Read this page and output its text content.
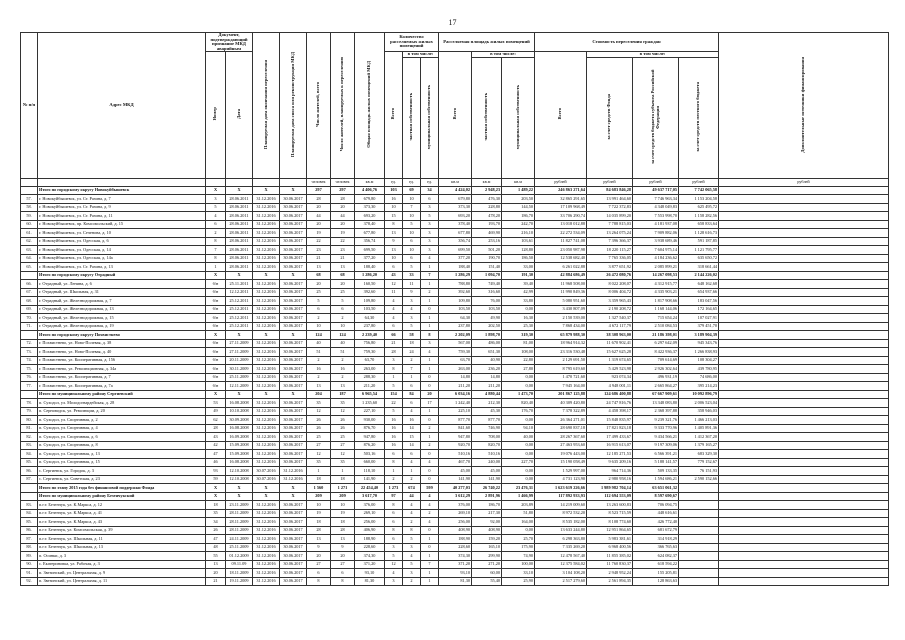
17
№ п/п	Адрес МКД	Документ, подтверждающий признание МКД аварийным		Планируемая дата окончания переселения	Планируемая дата сноса или реконструкции МКД	Число жителей, всего	Число жителей, планируемых к переселению	Общая площадь жилых помещений МКД	Количество расселяемых жилых помещений			Расселяемая площадь жилых помещений			Стоимость переселения граждан				Дополнительные источники финансирования
		Номер	Дата						Всего	в том числе:		Всего	в том числе:		Всего	в том числе:			
										частная собственность	муниципальная собственность		частная собственность	муниципальная собственность		за счет средств Фонда	за счет средств бюджета субъекта Российской Федерации	за счет средств местного бюджета	
						человек	человек	кв.м	ед.	ед.	ед.	кв.м	кв.м	кв.м	рублей	рублей	рублей	рублей	рублей
	Итого по городскому округу Новокуйбышевск	X	X	X	X	297	297	4 406,76	103	69	34	4 424,02	2 948,23	1 489,22	246 863 271,64	84 683 846,28	49 637 717,05	7 742 065,58	
57.	г. Новокуйбышевск, ул. Ст. Разина, д. 7	3	28.06.2011	31.12.2016	30.06.2017	28	28	679,80	16	10	6	679,80	476,30	203,50	32 865 291,65	13 991 464,60	7 746 963,34	1 153 204,58	
58.	г. Новокуйбышевск, ул. Ст. Разина, д. 9	5	28.06.2011	31.12.2016	30.06.2017	20	20	373,30	10	7	3	373,30	228,80	144,50	17 109 968,49	7 722 372,83	4 348 049,83	625 495,72	
59.	г. Новокуйбышевск, ул. Ст. Разина, д. 11	4	28.06.2011	31.12.2016	30.06.2017	44	44	693,20	15	10	5	693,20	478,20	186,70	33 706 290,74	14 035 899,20	7 553 998,70	1 158 282,56	
60.	г. Новокуйбышевск, пр. Комсомольский, д. 15	6	28.06.2011	31.12.2016	30.06.2017	20	20	378,40	8	5	3	378,40	193,70	242,70	13 018 012,88	7 788 815,03	4 181 937,08	658 833,64	
61.	г. Новокуйбышевск, ул. Сеченова, д. 10	2	28.06.2011	31.12.2016	30.06.2017	19	19	677,80	13	10	3	677,80	469,90	216,10	22 272 534,09	13 264 075,24	7 909 882,06	1 128 616,73	
62.	г. Новокуйбышевск, ул. Одесская, д. 6	8	28.06.2011	31.12.2016	30.06.2017	22	22	356,74	9	6	3	356,74	253,16	103,61	11 827 741,08	7 396 366,37	3 938 689,46	591 187,85	
63.	г. Новокуйбышевск, ул. Одесская, д. 14	7	28.06.2011	31.12.2016	30.06.2017	23	23	699,50	13	10	3	699,50	501,20	128,80	23 050 987,98	18 220 115,27	7 604 975,14	1 121 795,77	
64.	г. Новокуйбышевск, ул. Одесская, д. 14а	8	28.06.2011	31.12.2016	30.06.2017	21	21	377,20	10	6	4	377,20	190,70	186,50	12 538 682,40	7 765 336,05	4 184 236,62	635 650,72	
65.	г. Новокуйбышевск, ул. Ст. Разина, д. 13	1	28.06.2011	31.12.2016	30.06.2017	13	13	188,40	6	5	1	188,40	151,40	33,00	6 261 022,88	3 877 651,92	2 085 899,21	318 661,44	
	Итого по городскому округу Отрадный	X	X	X	X	68	68	1 286,20	43	33	7	1 286,29	1 094,70	191,30	42 884 686,49	26 472 080,76	14 267 098,53	2 144 226,02	
66.	г. Отрадный, ул. Ленина, д. 6	б/н	25.11.2011	31.12.2016	30.06.2017	20	20	160,50	12	11	1	788,80	749,40	39,40	11 968 508,00	8 022 208,07	4 312 915,77	648 162,68	
67.	г. Отрадный, ул. Школьная, д. 31	б/н	12.12.2011	31.12.2016	30.06.2017	25	25	392,60	11	9	2	392,60	316,60	42,99	11 990 849,36	8 006 404,72	4 335 903,21	654 937,66	
68.	г. Отрадный, ул. Железнодорожная, д. 7	б/н	25.12.2011	31.12.2016	30.06.2017	5	5	109,80	4	3	1	109,80	76,00	33,80	5 080 951,60	3 359 965,43	1 817 908,66	183 047,56	
69.	г. Отрадный, ул. Железнодорожная, д. 13	б/н	25.12.2011	31.12.2016	30.06.2017	6	6	103,50	4	4	0	103,50	103,50	0,00	3 430 807,09	2 190 208,72	1 168 144,06	172 164,65	
70.	г. Отрадный, ул. Железнодорожная, д. 15	б/н	25.12.2011	31.12.2016	30.06.2017	2	2	64,30	4	3	1	64,30	49,90	16,30	2 150 539,00	1 327 540,37	715 654,24	107 027,91	
71.	г. Отрадный, ул. Железнодорожная, д. 19	б/н	25.12.2011	31.12.2016	30.06.2017	10	10	237,80	6	5	1	237,80	202,50	25,30	7 868 434,00	4 672 117,79	2 510 084,53	379 451,70	
	Итого по городскому округу Похвистнево	X	X	X	X	124	124	2 239,40	66	58	8	2 202,09	1 898,70	319,30	65 879 988,30	38 308 963,00	21 186 398,01	3 189 904,39	
72.	г. Похвистнево, ул. Ново-Полевая, д. 38	б/н	27.11.2009	31.12.2016	30.06.2017	40	40	756,80	21	18	3	567,00	486,00	81,00	18 964 914,32	11 670 902,41	6 297 642,09	945 343,76	
73.	г. Похвистнево, ул. Ново-Полевая, д. 40	б/н	27.11.2009	31.12.2016	30.06.2017	51	51	759,30	28	24	4	759,30	651,30	108,00	23 316 530,48	15 627 625,28	8 422 936,37	1 266 838,93	
74.	г. Похвистнево, ул. Кооперативная, д. 156	б/н	20.11.2009	31.12.2016	30.06.2017	2	2	63,70	3	2	1	63,70	40,90	22,80	2 129 691,50	1 319 674,65	709 614,69	108 304,27	
75.	г. Похвистнево, ул. Революционная, д. 34а	б/н	30.11.2009	31.12.2016	30.06.2017	16	16	263,00	8	7	1	263,00	236,20	27,80	8 795 619,60	5 429 523,98	2 926 302,64	439 780,95	
76.	г. Похвистнево, ул. Кооперативная, д. 7	б/н	25.11.2009	31.12.2016	30.06.2017	2	2	288,30	1	1	0	14,80	14,80	0,00	1 470 721,60	923 074,34	496 931,19	74 686,00	
77.	г. Похвистнево, ул. Кооперативная, д. 7а	б/н	12.11.2009	31.12.2016	30.06.2017	13	13	211,20	5	6	0	211,20	211,20	0,00	7 945 164,00	4 948 001,11	2 665 864,27	395 214,23	
	Итого по муниципальному району Сергиевский	X	X	X	X	204	187	6 965,54	154	84	20	6 034,16	4 880,44	1 473,70	201 867 125,88	124 686 400,88	67 667 909,61	10 092 896,79	
78.	п. Суходол, ул. Молодогвардейская, д. 28	53	16.08.2008	31.12.2016	30.06.2017	35	35	1 235,60	22	6	17	1 242,40	212,30	820,40	40 309 420,80	24 747 816,76	13 348 083,80	2 006 523,04	
79.	п. Серноводск, ул. Революции, д. 20	49	10.10.2008	31.12.2016	30.06.2017	12	12	227,10	5	4	1	225,10	45,30	176,70	7 378 322,89	4 458 398,17	2 368 397,88	358 946,03	
80.	п. Суходол, ул. Спортивная, д. 2	62	30.09.2008	31.12.2016	30.06.2017	26	26	930,00	16	16	0	877,70	877,70	0,00	26 364 271,01	15 848 835,97	9 239 321,76	1 466 213,03	
81.	п. Суходол, ул. Спортивная, д. 4	28	16.08.2008	31.12.2016	30.06.2017	26	26	876,70	16	14	2	841,60	746,90	94,10	28 690 837,18	17 821 823,18	9 333 770,96	1 405 891,36	
82.	п. Суходол, ул. Спортивная, д. 6	43	16.09.2008	31.12.2016	30.06.2017	25	25	947,80	16	15	1	947,80	708,00	40,00	28 267 367,60	17 499 433,67	9 434 566,21	1 412 367,20	
83.	п. Суходол, ул. Спортивная, д. 8	42	15.09.2008	31.12.2016	30.06.2017	27	27	876,20	16	14	2	920,70	820,70	0,00	27 463 953,60	16 915 613,07	9 197 309,06	1 379 165,27	
84.	п. Суходол, ул. Спортивная, д. 13	47	15.09.2008	31.12.2016	30.06.2017	12	12	503,16	6	6	0	510,16	510,16	0,00	19 076 443,00	12 185 271,53	6 566 391,21	683 329,30	
85.	п. Суходол, ул. Спортивная, д. 15	46	16.08.2008	31.12.2016	30.06.2017	35	35	660,00	8	4	4	467,70	240,00	227,70	15 190 058,49	9 635 209,16	5 188 141,57	779 152,67	
86.	с. Сергиевск, ул. Городок, д. 3	93	12.10.2008	30.07.2016	31.12.2016	1	1	118,10	1	1	0	45,00	45,00	0,00	1 529 997,00	964 714,36	509 133,35	76 151,93	
87.	с. Сергиевск, ул. Советская, д. 23	59	12.10.2008	30.07.2016	31.12.2016	18	18	141,90	2	2	0	141,90	141,90	0,00	4 731 123,90	2 980 958,16	1 594 686,21	2 590 152,66	
	Итого по этапу 2015 года без финансовой поддержки Фонда	X	X	X	X	1 560	1 271	22 454,40	1 273	674	599	40 277,03	26 740,22	23 476,31	1 623 619 226,66	1 989 982 704,14	63 651 061,32		
	Итого по муниципальному району Безенчукский	X	X	X	X	209	209	3 617,70	97	44	4	3 612,29	2 891,96	1 466,99	117 892 933,93	112 694 553,09	8 597 690,67		
83.	п.г.т. Безенчук, ул. К.Маркса, д. 12	18	23.11.2009	31.12.2016	30.06.2017	10	10	376,00	8	4	4	376,00	186,70	203,89	14 219 009,60	13 263 600,83	706 094,75		
84.	п.г.т. Безенчук, ул. К.Маркса, д. 41	35	28.11.2009	31.12.2016	30.06.2017	19	19	269,10	6	4	2	269,10	217,30	51,80	8 972 532,20	8 523 715,59	448 616,61		
85.	п.г.т. Безенчук, ул. К.Маркса, д. 43	34	28.11.2009	31.12.2016	30.06.2017	18	18	256,00	6	2	4	256,00	92,00	164,00	8 535 182,00	8 108 774,60	426 772,40		
86.	п.г.т. Безенчук, ул. Комсомольская, д. 39	26	28.11.2009	31.12.2016	30.06.2017	28	28	406,90	8	8	0	408,90	408,90	0,00	13 633 244,80	12 951 864,65	681 672,79		
87.	п.г.т. Безенчук, ул. Школьная, д. 11	47	24.11.2009	31.12.2016	30.06.2017	13	13	188,90	6	5	1	188,90	159,20	25,70	6 298 363,80	5 983 381,61	314 918,29		
88.	п.г.т. Безенчук, ул. Школьная, д. 13	48	25.11.2009	31.12.2016	30.06.2017	9	9	228,60	3	3	0	228,60	165,10	175,90	7 335 269,20	6 968 400,56	366 765,63		
89.	п. Осинки, д. 3	55	01.12.2009	31.12.2016	30.06.2017	20	20	374,30	5	4	1	374,30	299,90	74,90	12 478 567,40	11 855 385,02	624 082,37		
90.	с. Екатериновка, ул. Рабочая, д. 3	13	09.11.09	31.12.2016	30.06.2017	27	27	371,20	12	5	7	371,20	271,20	100,00	12 375 584,02	11 760 830,37	618 594,22		
91.	п. Звезинский, ул. Центральная, д. 9	20	18.11.2009	31.12.2016	30.06.2017	6	6	93,10	4	3	1	93,10	60,00	33,10	3 104 108,20	2 948 952,24	155 205,81		
92.	п. Звезинский, ул. Центральная, д. 11	21	19.11.2009	31.12.2016	30.06.2017	8	8	81,30	3	2	1	81,30	55,40	25,90	2 517 279,60	2 561 894,35	128 863,63		
